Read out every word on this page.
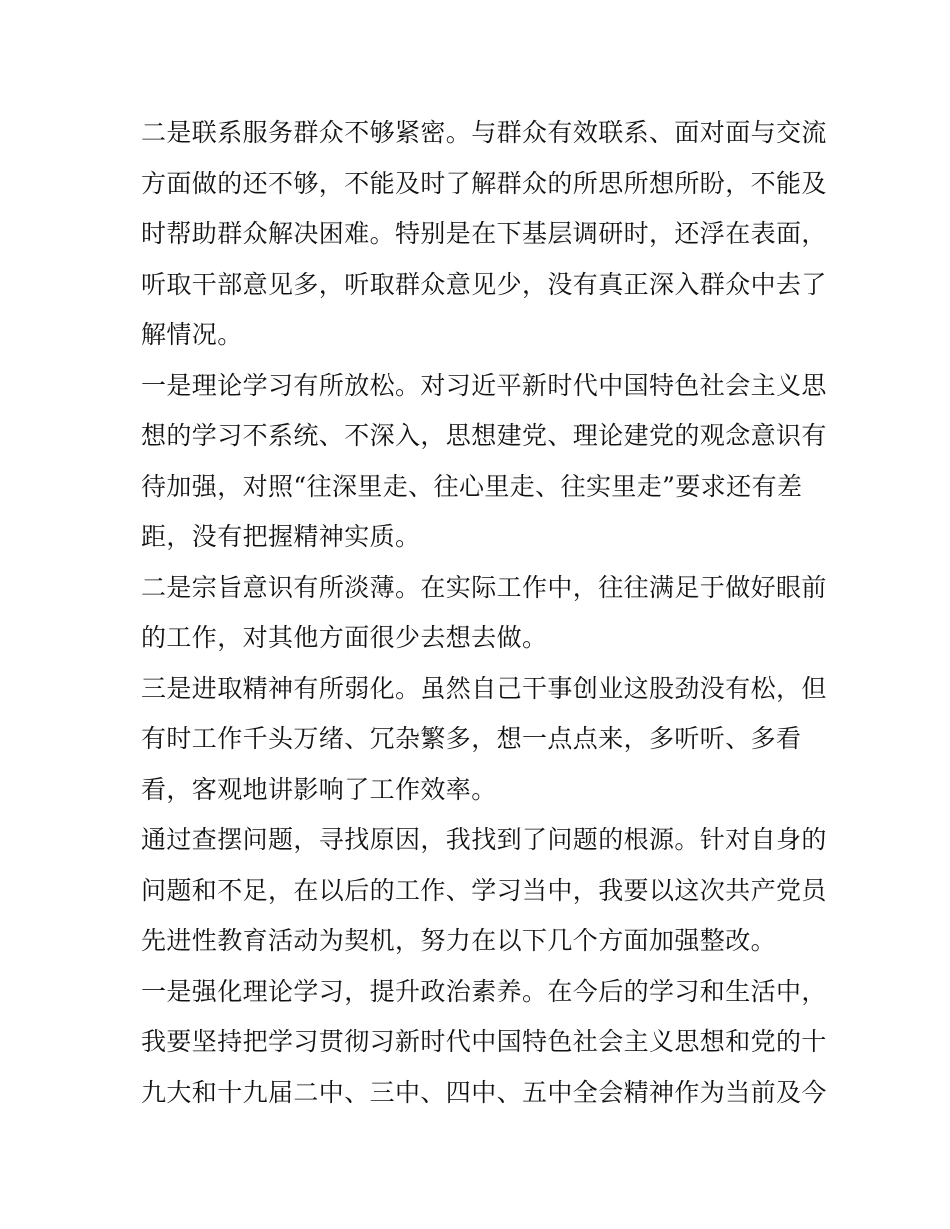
二是联系服务群众不够紧密。与群众有效联系、面对面与交流
方面做的还不够，不能及时了解群众的所思所想所盼，不能及
时帮助群众解决困难。特别是在下基层调研时，还浮在表面，
听取干部意见多，听取群众意见少，没有真正深入群众中去了
解情况。
一是理论学习有所放松。对习近平新时代中国特色社会主义思
想的学习不系统、不深入，思想建党、理论建党的观念意识有
待加强，对照“往深里走、往心里走、往实里走”要求还有差
距，没有把握精神实质。
二是宗旨意识有所淡薄。在实际工作中，往往满足于做好眼前
的工作，对其他方面很少去想去做。
三是进取精神有所弱化。虽然自己干事创业这股劲没有松，但
有时工作千头万绪、冗杂繁多，想一点点来，多听听、多看
看，客观地讲影响了工作效率。
通过查摆问题，寻找原因，我找到了问题的根源。针对自身的
问题和不足，在以后的工作、学习当中，我要以这次共产党员
先进性教育活动为契机，努力在以下几个方面加强整改。
一是强化理论学习，提升政治素养。在今后的学习和生活中，
我要坚持把学习贯彻习新时代中国特色社会主义思想和党的十
九大和十九届二中、三中、四中、五中全会精神作为当前及今
